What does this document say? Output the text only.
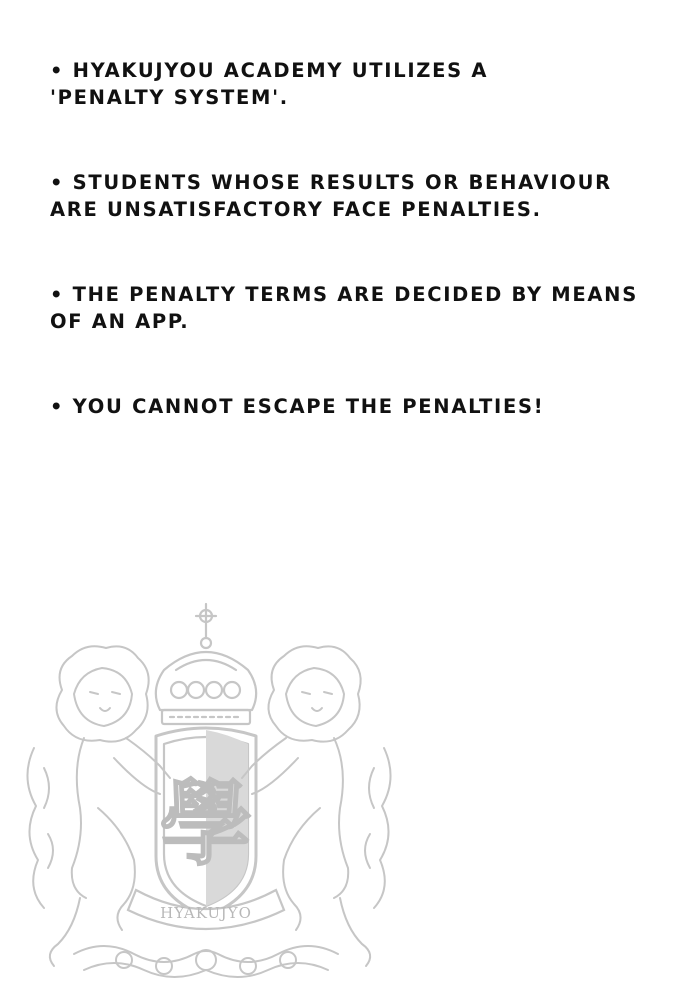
• HYAKUJYOU ACADEMY UTILIZES A 'PENALTY SYSTEM'.
• STUDENTS WHOSE RESULTS OR BEHAVIOUR ARE UNSATISFACTORY FACE PENALTIES.
• THE PENALTY TERMS ARE DECIDED BY MEANS OF AN APP.
• YOU CANNOT ESCAPE THE PENALTIES!
學
HYAKUJYO
